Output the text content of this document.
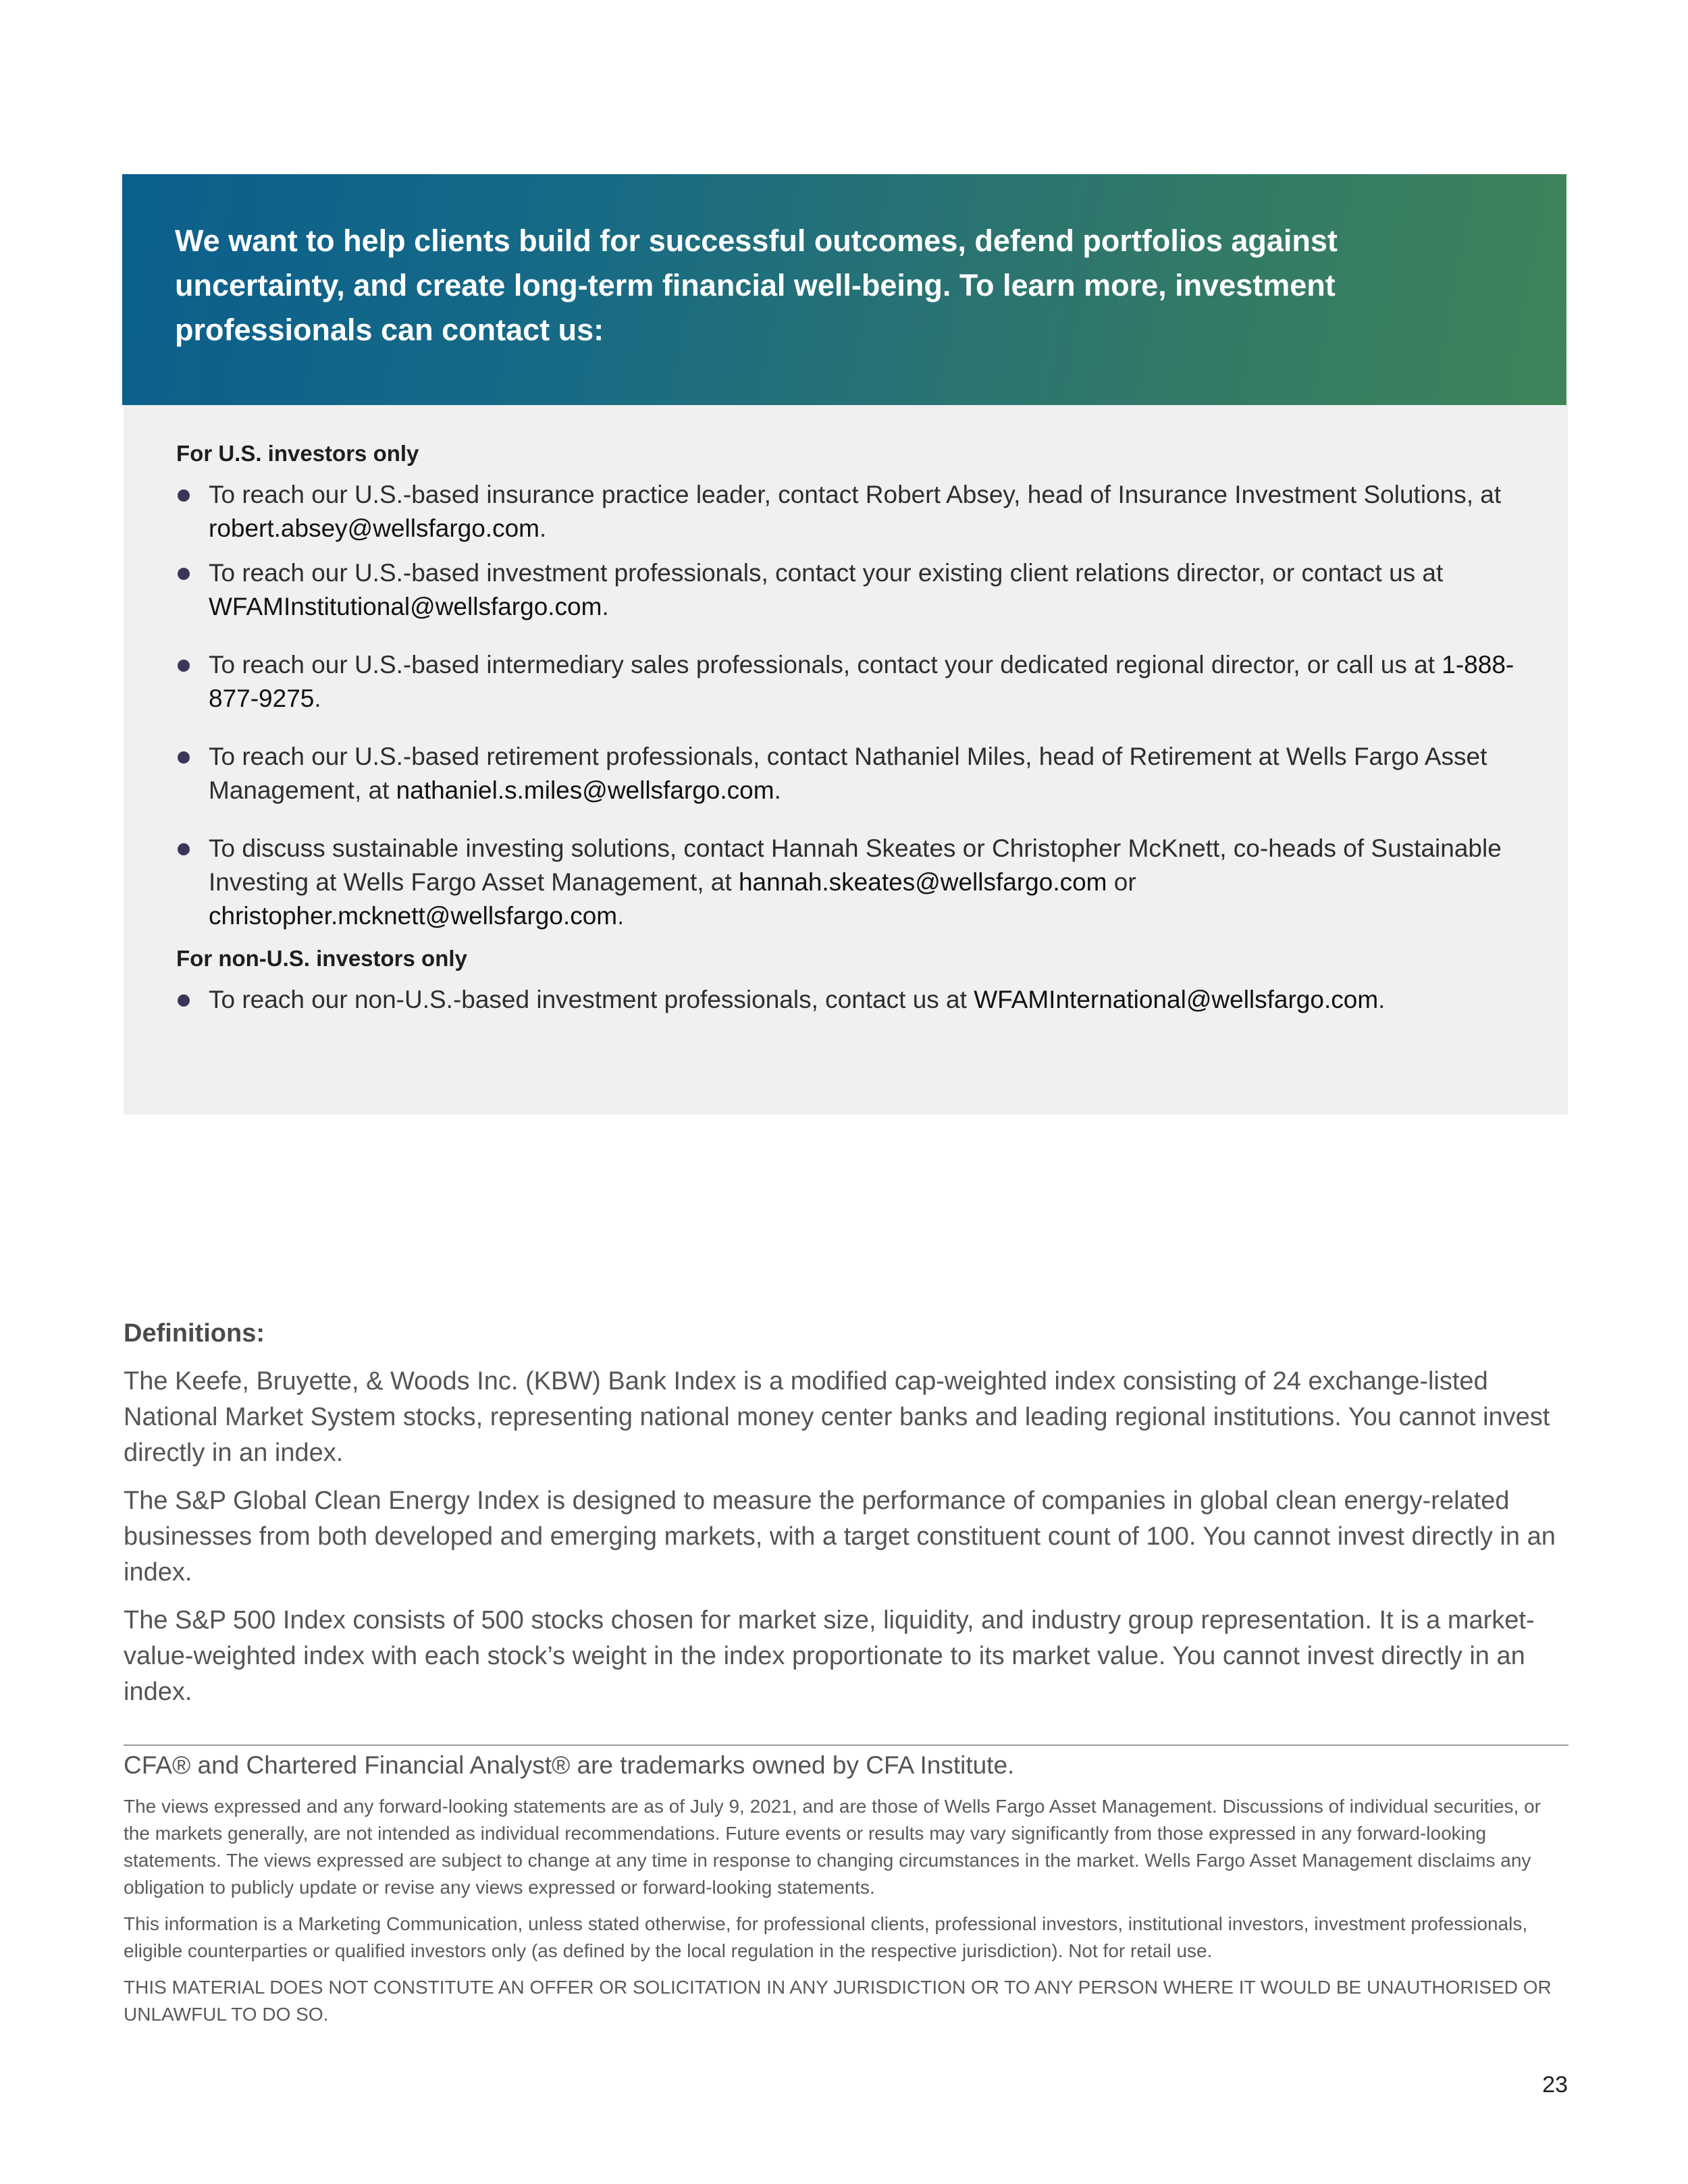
We want to help clients build for successful outcomes, defend portfolios against uncertainty, and create long-term financial well-being. To learn more, investment professionals can contact us:

For U.S. investors only

To reach our U.S.-based insurance practice leader, contact Robert Absey, head of Insurance Investment Solutions, at robert.absey@wellsfargo.com.
To reach our U.S.-based investment professionals, contact your existing client relations director, or contact us at WFAMInstitutional@wellsfargo.com.
To reach our U.S.-based intermediary sales professionals, contact your dedicated regional director, or call us at 1-888-877-9275.
To reach our U.S.-based retirement professionals, contact Nathaniel Miles, head of Retirement at Wells Fargo Asset Management, at nathaniel.s.miles@wellsfargo.com.
To discuss sustainable investing solutions, contact Hannah Skeates or Christopher McKnett, co-heads of Sustainable Investing at Wells Fargo Asset Management, at hannah.skeates@wellsfargo.com or christopher.mcknett@wellsfargo.com.

For non-U.S. investors only

To reach our non-U.S.-based investment professionals, contact us at WFAMInternational@wellsfargo.com.

Definitions:

The Keefe, Bruyette, & Woods Inc. (KBW) Bank Index is a modified cap-weighted index consisting of 24 exchange-listed National Market System stocks, representing national money center banks and leading regional institutions. You cannot invest directly in an index.

The S&P Global Clean Energy Index is designed to measure the performance of companies in global clean energy-related businesses from both developed and emerging markets, with a target constituent count of 100. You cannot invest directly in an index.

The S&P 500 Index consists of 500 stocks chosen for market size, liquidity, and industry group representation. It is a market-value-weighted index with each stock’s weight in the index proportionate to its market value. You cannot invest directly in an index.

CFA® and Chartered Financial Analyst® are trademarks owned by CFA Institute.

The views expressed and any forward-looking statements are as of July 9, 2021, and are those of Wells Fargo Asset Management. Discussions of individual securities, or the markets generally, are not intended as individual recommendations. Future events or results may vary significantly from those expressed in any forward-looking statements. The views expressed are subject to change at any time in response to changing circumstances in the market. Wells Fargo Asset Management disclaims any obligation to publicly update or revise any views expressed or forward-looking statements.

This information is a Marketing Communication, unless stated otherwise, for professional clients, professional investors, institutional investors, investment professionals, eligible counterparties or qualified investors only (as defined by the local regulation in the respective jurisdiction). Not for retail use.

THIS MATERIAL DOES NOT CONSTITUTE AN OFFER OR SOLICITATION IN ANY JURISDICTION OR TO ANY PERSON WHERE IT WOULD BE UNAUTHORISED OR UNLAWFUL TO DO SO.

23
